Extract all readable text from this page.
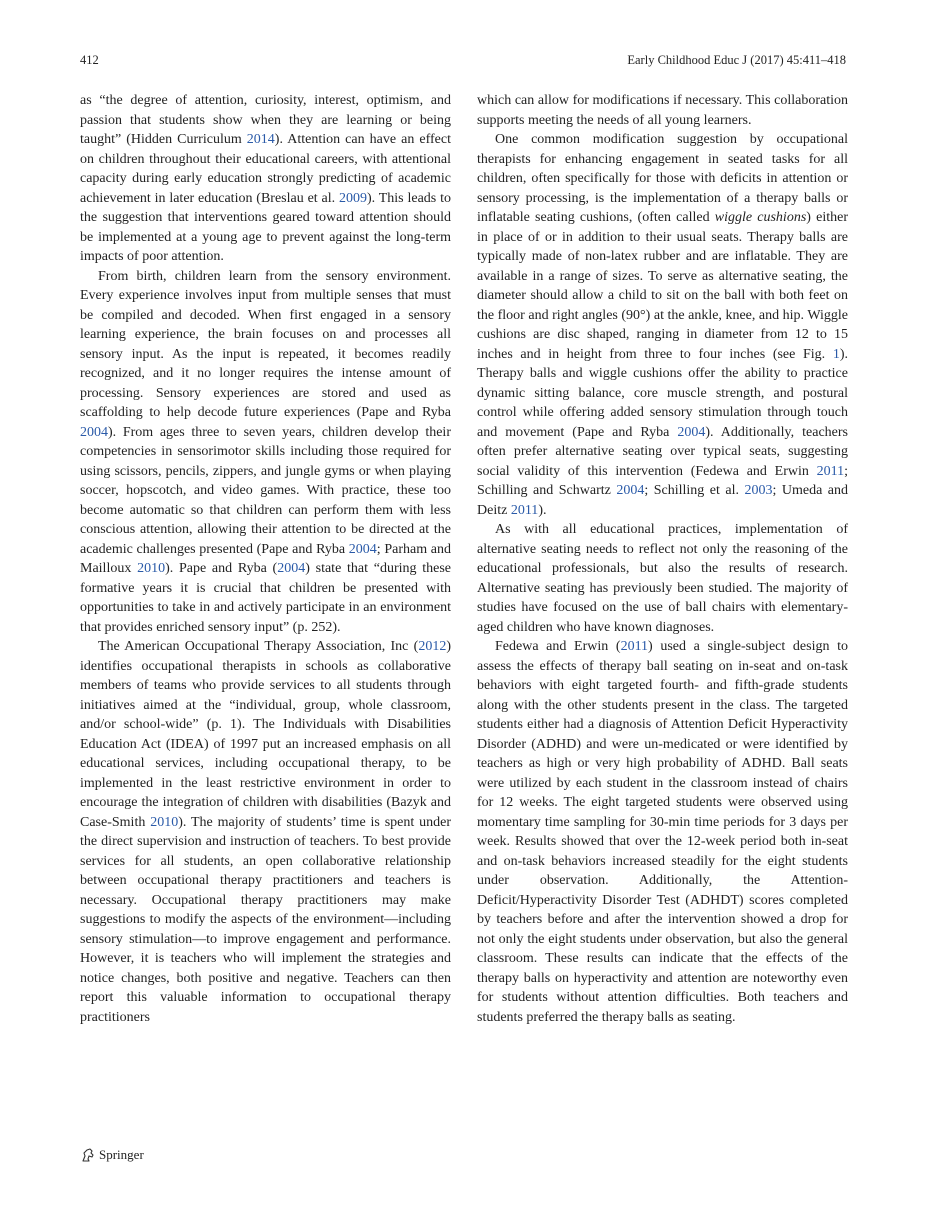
412	Early Childhood Educ J (2017) 45:411–418

as “the degree of attention, curiosity, interest, optimism, and passion that students show when they are learning or being taught” (Hidden Curriculum 2014). Attention can have an effect on children throughout their educational careers, with attentional capacity during early education strongly predicting of academic achievement in later education (Breslau et al. 2009). This leads to the suggestion that interventions geared toward attention should be implemented at a young age to prevent against the long-term impacts of poor attention.

From birth, children learn from the sensory environment. Every experience involves input from multiple senses that must be compiled and decoded. When first engaged in a sensory learning experience, the brain focuses on and processes all sensory input. As the input is repeated, it becomes readily recognized, and it no longer requires the intense amount of processing. Sensory experiences are stored and used as scaffolding to help decode future experiences (Pape and Ryba 2004). From ages three to seven years, children develop their competencies in sensorimotor skills including those required for using scissors, pencils, zippers, and jungle gyms or when playing soccer, hopscotch, and video games. With practice, these too become automatic so that children can perform them with less conscious attention, allowing their attention to be directed at the academic challenges presented (Pape and Ryba 2004; Parham and Mailloux 2010). Pape and Ryba (2004) state that “during these formative years it is crucial that children be presented with opportunities to take in and actively participate in an environment that provides enriched sensory input” (p. 252).

The American Occupational Therapy Association, Inc (2012) identifies occupational therapists in schools as collaborative members of teams who provide services to all students through initiatives aimed at the “individual, group, whole classroom, and/or school-wide” (p. 1). The Individuals with Disabilities Education Act (IDEA) of 1997 put an increased emphasis on all educational services, including occupational therapy, to be implemented in the least restrictive environment in order to encourage the integration of children with disabilities (Bazyk and Case-Smith 2010). The majority of students’ time is spent under the direct supervision and instruction of teachers. To best provide services for all students, an open collaborative relationship between occupational therapy practitioners and teachers is necessary. Occupational therapy practitioners may make suggestions to modify the aspects of the environment—including sensory stimulation—to improve engagement and performance. However, it is teachers who will implement the strategies and notice changes, both positive and negative. Teachers can then report this valuable information to occupational therapy practitioners

which can allow for modifications if necessary. This collaboration supports meeting the needs of all young learners.

One common modification suggestion by occupational therapists for enhancing engagement in seated tasks for all children, often specifically for those with deficits in attention or sensory processing, is the implementation of a therapy balls or inflatable seating cushions, (often called wiggle cushions) either in place of or in addition to their usual seats. Therapy balls are typically made of non-latex rubber and are inflatable. They are available in a range of sizes. To serve as alternative seating, the diameter should allow a child to sit on the ball with both feet on the floor and right angles (90°) at the ankle, knee, and hip. Wiggle cushions are disc shaped, ranging in diameter from 12 to 15 inches and in height from three to four inches (see Fig. 1). Therapy balls and wiggle cushions offer the ability to practice dynamic sitting balance, core muscle strength, and postural control while offering added sensory stimulation through touch and movement (Pape and Ryba 2004). Additionally, teachers often prefer alternative seating over typical seats, suggesting social validity of this intervention (Fedewa and Erwin 2011; Schilling and Schwartz 2004; Schilling et al. 2003; Umeda and Deitz 2011).

As with all educational practices, implementation of alternative seating needs to reflect not only the reasoning of the educational professionals, but also the results of research. Alternative seating has previously been studied. The majority of studies have focused on the use of ball chairs with elementary-aged children who have known diagnoses.

Fedewa and Erwin (2011) used a single-subject design to assess the effects of therapy ball seating on in-seat and on-task behaviors with eight targeted fourth- and fifth-grade students along with the other students present in the class. The targeted students either had a diagnosis of Attention Deficit Hyperactivity Disorder (ADHD) and were un-medicated or were identified by teachers as high or very high probability of ADHD. Ball seats were utilized by each student in the classroom instead of chairs for 12 weeks. The eight targeted students were observed using momentary time sampling for 30-min time periods for 3 days per week. Results showed that over the 12-week period both in-seat and on-task behaviors increased steadily for the eight students under observation. Additionally, the Attention-Deficit/Hyperactivity Disorder Test (ADHDT) scores completed by teachers before and after the intervention showed a drop for not only the eight students under observation, but also the general classroom. These results can indicate that the effects of the therapy balls on hyperactivity and attention are noteworthy even for students without attention difficulties. Both teachers and students preferred the therapy balls as seating.

Springer
